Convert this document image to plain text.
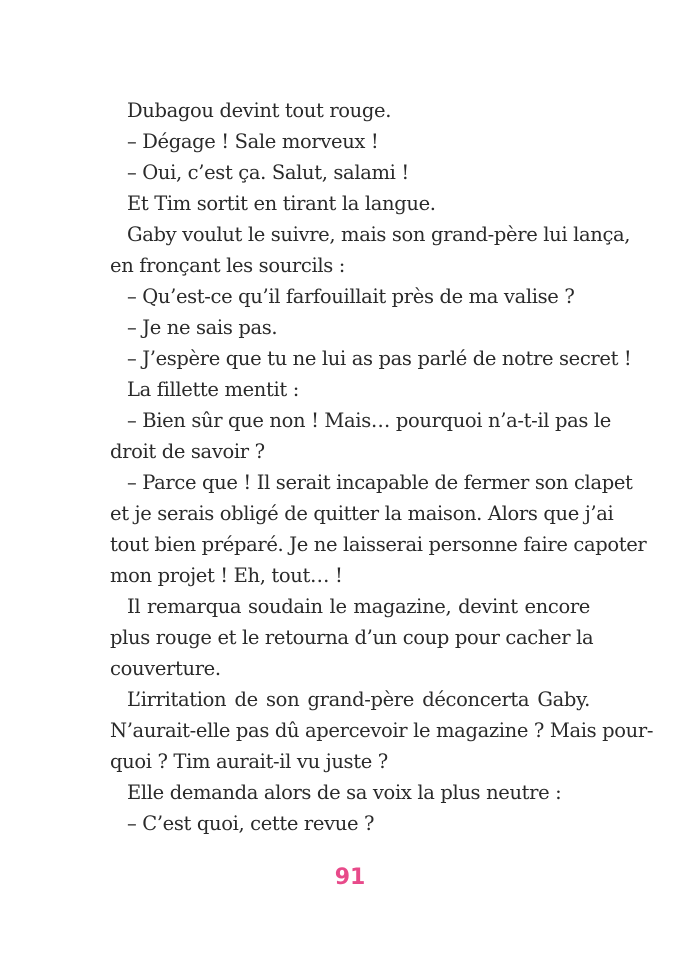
Dubagou devint tout rouge.
– Dégage ! Sale morveux !
– Oui, c’est ça. Salut, salami !
Et Tim sortit en tirant la langue.
Gaby voulut le suivre, mais son grand-père lui lança,
en fronçant les sourcils :
– Qu’est-ce qu’il farfouillait près de ma valise ?
– Je ne sais pas.
– J’espère que tu ne lui as pas parlé de notre secret !
La fillette mentit :
– Bien sûr que non ! Mais… pourquoi n’a-t-il pas le
droit de savoir ?
– Parce que ! Il serait incapable de fermer son clapet
et je serais obligé de quitter la maison. Alors que j’ai
tout bien préparé. Je ne laisserai personne faire capoter
mon projet ! Eh, tout… !
Il remarqua soudain le magazine, devint encore
plus rouge et le retourna d’un coup pour cacher la
couverture.
L’irritation de son grand-père déconcerta Gaby.
N’aurait-elle pas dû apercevoir le magazine ? Mais pour-
quoi ? Tim aurait-il vu juste ?
Elle demanda alors de sa voix la plus neutre :
– C’est quoi, cette revue ?
91
